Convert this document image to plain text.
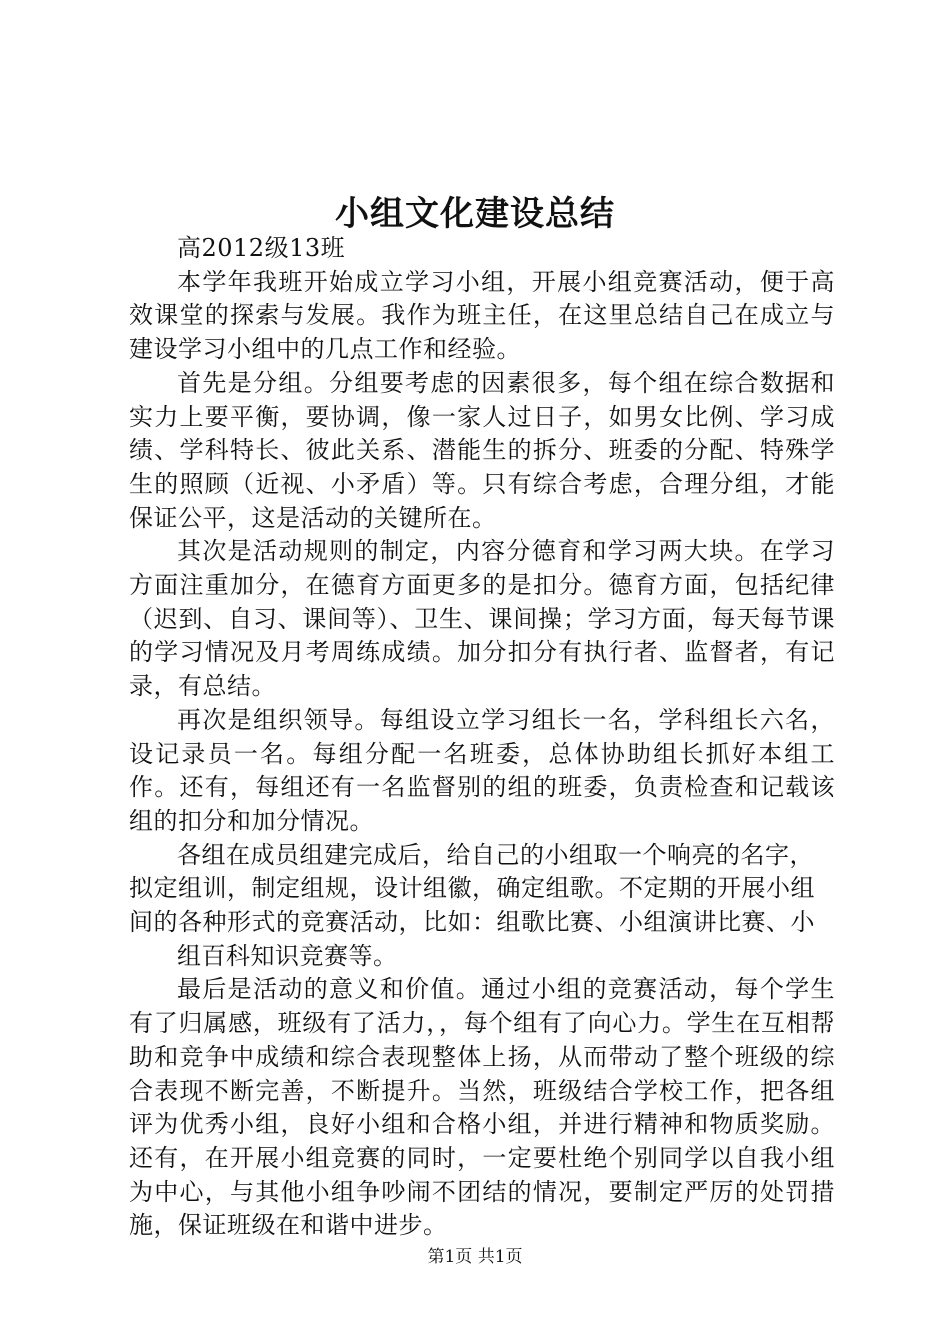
小组文化建设总结

高2012级13班

本学年我班开始成立学习小组，开展小组竞赛活动，便于高效课堂的探索与发展。我作为班主任，在这里总结自己在成立与建设学习小组中的几点工作和经验。

首先是分组。分组要考虑的因素很多，每个组在综合数据和实力上要平衡，要协调，像一家人过日子，如男女比例、学习成绩、学科特长、彼此关系、潜能生的拆分、班委的分配、特殊学生的照顾（近视、小矛盾）等。只有综合考虑，合理分组，才能保证公平，这是活动的关键所在。

其次是活动规则的制定，内容分德育和学习两大块。在学习方面注重加分，在德育方面更多的是扣分。德育方面，包括纪律（迟到、自习、课间等）、卫生、课间操；学习方面，每天每节课的学习情况及月考周练成绩。加分扣分有执行者、监督者，有记录，有总结。

再次是组织领导。每组设立学习组长一名，学科组长六名，设记录员一名。每组分配一名班委，总体协助组长抓好本组工作。还有，每组还有一名监督别的组的班委，负责检查和记载该组的扣分和加分情况。

各组在成员组建完成后，给自己的小组取一个响亮的名字，拟定组训，制定组规，设计组徽，确定组歌。不定期的开展小组间的各种形式的竞赛活动，比如：组歌比赛、小组演讲比赛、小

组百科知识竞赛等。

最后是活动的意义和价值。通过小组的竞赛活动，每个学生有了归属感，班级有了活力，，每个组有了向心力。学生在互相帮助和竞争中成绩和综合表现整体上扬，从而带动了整个班级的综合表现不断完善，不断提升。当然，班级结合学校工作，把各组评为优秀小组，良好小组和合格小组，并进行精神和物质奖励。还有，在开展小组竞赛的同时，一定要杜绝个别同学以自我小组为中心，与其他小组争吵闹不团结的情况，要制定严厉的处罚措施，保证班级在和谐中进步。

第1页 共1页
